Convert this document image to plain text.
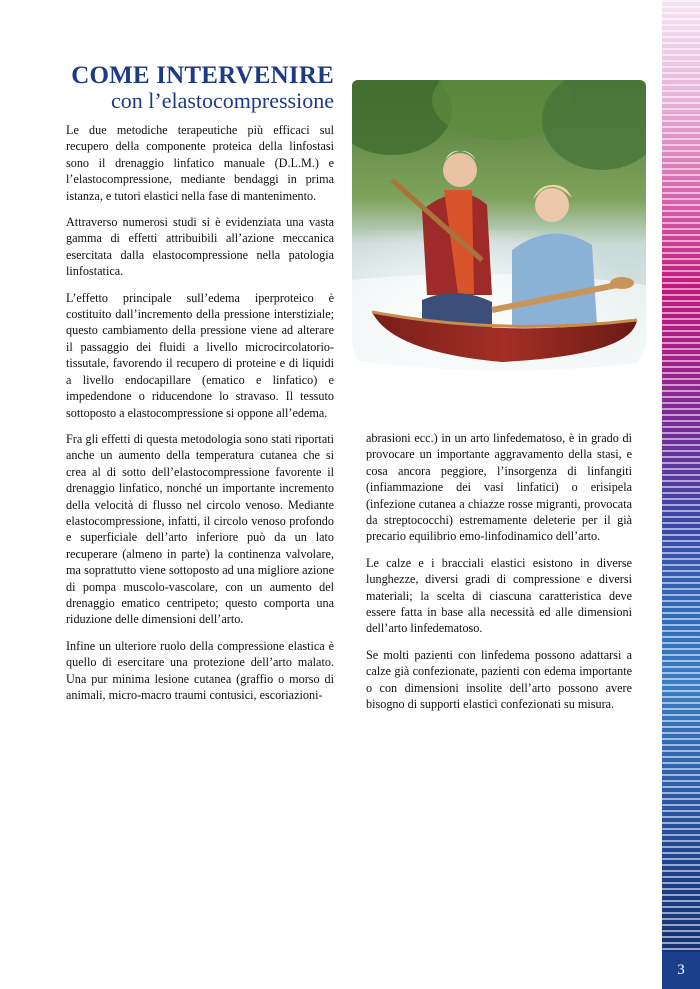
COME INTERVENIRE
con l’elastocompressione

Le due metodiche terapeutiche più efficaci sul recupero della componente proteica della linfostasi sono il drenaggio linfatico manuale (D.L.M.) e l’elastocompressione, mediante bendaggi in prima istanza, e tutori elastici nella fase di mantenimento.

Attraverso numerosi studi si è evidenziata una vasta gamma di effetti attribuibili all’azione meccanica esercitata dalla elastocompressione nella patologia linfostatica.

L’effetto principale sull’edema iperproteico è costituito dall’incremento della pressione interstiziale; questo cambiamento della pressione viene ad alterare il passaggio dei fluidi a livello microcircolatorio-tissutale, favorendo il recupero di proteine e di liquidi a livello endocapillare (ematico e linfatico) e impedendone o riducendone lo stravaso. Il tessuto sottoposto a elastocompressione si oppone all’edema.

Fra gli effetti di questa metodologia sono stati riportati anche un aumento della temperatura cutanea che si crea al di sotto dell’elastocompressione favorente il drenaggio linfatico, nonché un importante incremento della velocità di flusso nel circolo venoso. Mediante elastocompressione, infatti, il circolo venoso profondo e superficiale dell’arto inferiore può da un lato recuperare (almeno in parte) la continenza valvolare, ma soprattutto viene sottoposto ad una migliore azione di pompa muscolo-vascolare, con un aumento del drenaggio ematico centripeto; questo comporta una riduzione delle dimensioni dell’arto.

Infine un ulteriore ruolo della compressione elastica è quello di esercitare una protezione dell’arto malato. Una pur minima lesione cutanea (graffio o morso di animali, micro-macro traumi contusici, escoriazioni-

abrasioni ecc.) in un arto linfedematoso, è in grado di provocare un importante aggravamento della stasi, e cosa ancora peggiore, l’insorgenza di linfangiti (infiammazione dei vasi linfatici) o erisipela (infezione cutanea a chiazze rosse migranti, provocata da streptococchi) estremamente deleterie per il già precario equilibrio emo-linfodinamico dell’arto.

Le calze e i bracciali elastici esistono in diverse lunghezze, diversi gradi di compressione e diversi materiali; la scelta di ciascuna caratteristica deve essere fatta in base alla necessità ed alle dimensioni dell’arto linfedematoso.

Se molti pazienti con linfedema possono adattarsi a calze già confezionate, pazienti con edema importante o con dimensioni insolite dell’arto possono avere bisogno di supporti elastici confezionati su misura.

3
